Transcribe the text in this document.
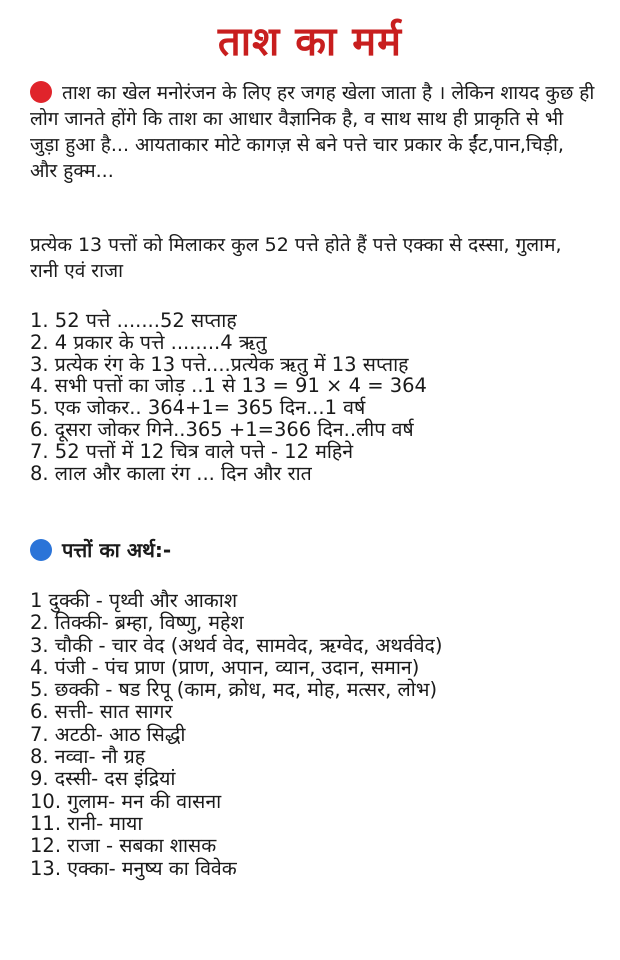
ताश का मर्म
ताश का खेल मनोरंजन के लिए हर जगह खेला जाता है । लेकिन शायद कुछ ही लोग जानते होंगे कि ताश का आधार वैज्ञानिक है, व साथ साथ ही प्राकृति से भी जुड़ा हुआ है... आयताकार मोटे कागज़ से बने पत्ते चार प्रकार के ईंट,पान,चिड़ी, और हुक्म...
प्रत्येक 13 पत्तों को मिलाकर कुल 52 पत्ते होते हैं पत्ते एक्का से दस्सा, गुलाम, रानी एवं राजा
1. 52 पत्ते .......52 सप्ताह
2. 4 प्रकार के पत्ते ........4 ऋतु
3. प्रत्येक रंग के 13 पत्ते....प्रत्येक ऋतु में 13 सप्ताह
4. सभी पत्तों का जोड़ ..1 से 13 = 91 × 4 = 364
5. एक जोकर.. 364+1= 365 दिन...1 वर्ष
6. दूसरा जोकर गिने..365 +1=366 दिन..लीप वर्ष
7. 52 पत्तों में 12 चित्र वाले पत्ते - 12 महिने
8. लाल और काला रंग ... दिन और रात
पत्तों का अर्थ:-
1 दुक्की - पृथ्वी और आकाश
2. तिक्की- ब्रम्हा, विष्णु, महेश
3. चौकी - चार वेद (अथर्व वेद, सामवेद, ऋग्वेद, अथर्ववेद)
4. पंजी - पंच प्राण (प्राण, अपान, व्यान, उदान, समान)
5. छक्की - षड रिपू (काम, क्रोध, मद, मोह, मत्सर, लोभ)
6. सत्ती- सात सागर
7. अटठी- आठ सिद्धी
8. नव्वा- नौ ग्रह
9. दस्सी- दस इंद्रियां
10. गुलाम- मन की वासना
11. रानी- माया
12. राजा - सबका शासक
13. एक्का- मनुष्य का विवेक
